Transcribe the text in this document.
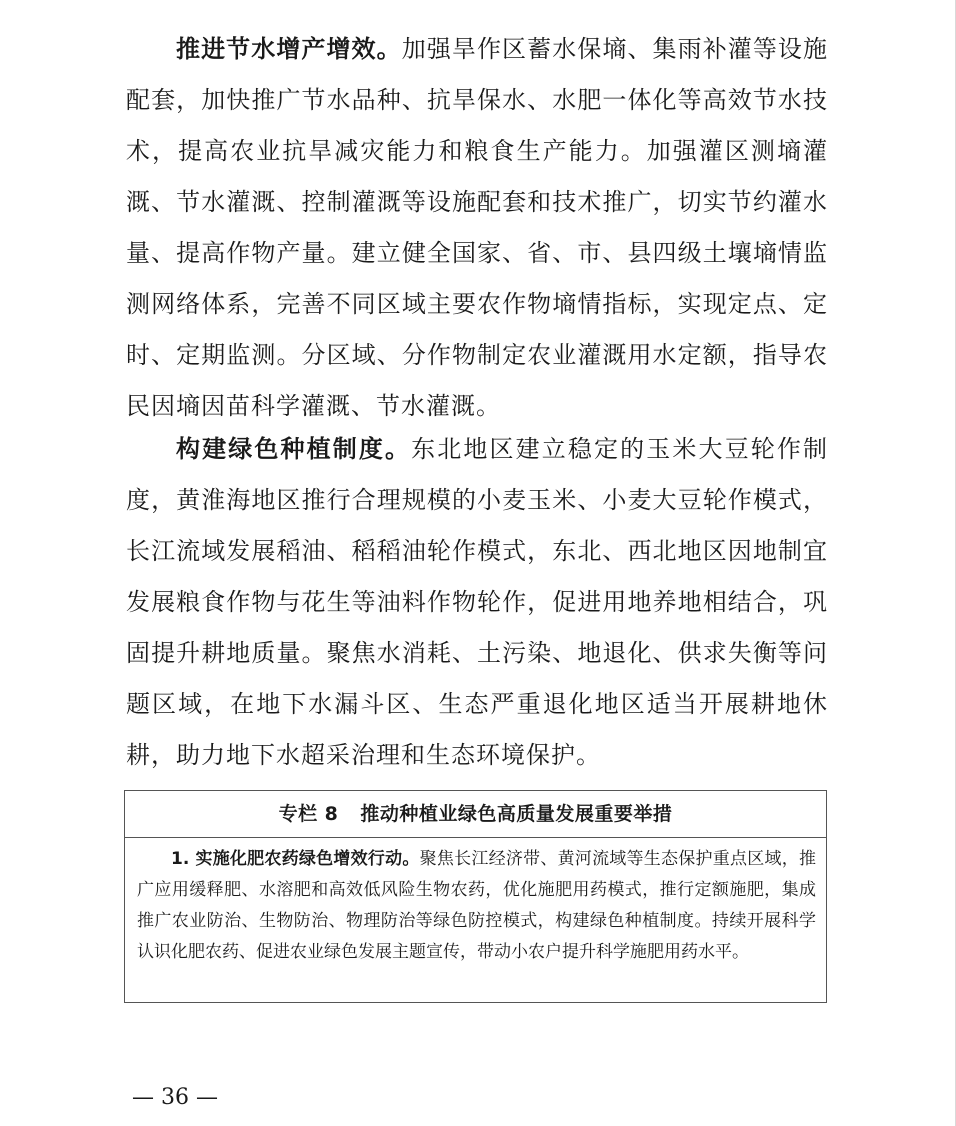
推进节水增产增效。加强旱作区蓄水保墒、集雨补灌等设施配套，加快推广节水品种、抗旱保水、水肥一体化等高效节水技术，提高农业抗旱减灾能力和粮食生产能力。加强灌区测墒灌溉、节水灌溉、控制灌溉等设施配套和技术推广，切实节约灌水量、提高作物产量。建立健全国家、省、市、县四级土壤墒情监测网络体系，完善不同区域主要农作物墒情指标，实现定点、定时、定期监测。分区域、分作物制定农业灌溉用水定额，指导农民因墒因苗科学灌溉、节水灌溉。

构建绿色种植制度。东北地区建立稳定的玉米大豆轮作制度，黄淮海地区推行合理规模的小麦玉米、小麦大豆轮作模式，长江流域发展稻油、稻稻油轮作模式，东北、西北地区因地制宜发展粮食作物与花生等油料作物轮作，促进用地养地相结合，巩固提升耕地质量。聚焦水消耗、土污染、地退化、供求失衡等问题区域，在地下水漏斗区、生态严重退化地区适当开展耕地休耕，助力地下水超采治理和生态环境保护。

专栏 8 推动种植业绿色高质量发展重要举措

1. 实施化肥农药绿色增效行动。聚焦长江经济带、黄河流域等生态保护重点区域，推广应用缓释肥、水溶肥和高效低风险生物农药，优化施肥用药模式，推行定额施肥，集成推广农业防治、生物防治、物理防治等绿色防控模式，构建绿色种植制度。持续开展科学认识化肥农药、促进农业绿色发展主题宣传，带动小农户提升科学施肥用药水平。

— 36 —
